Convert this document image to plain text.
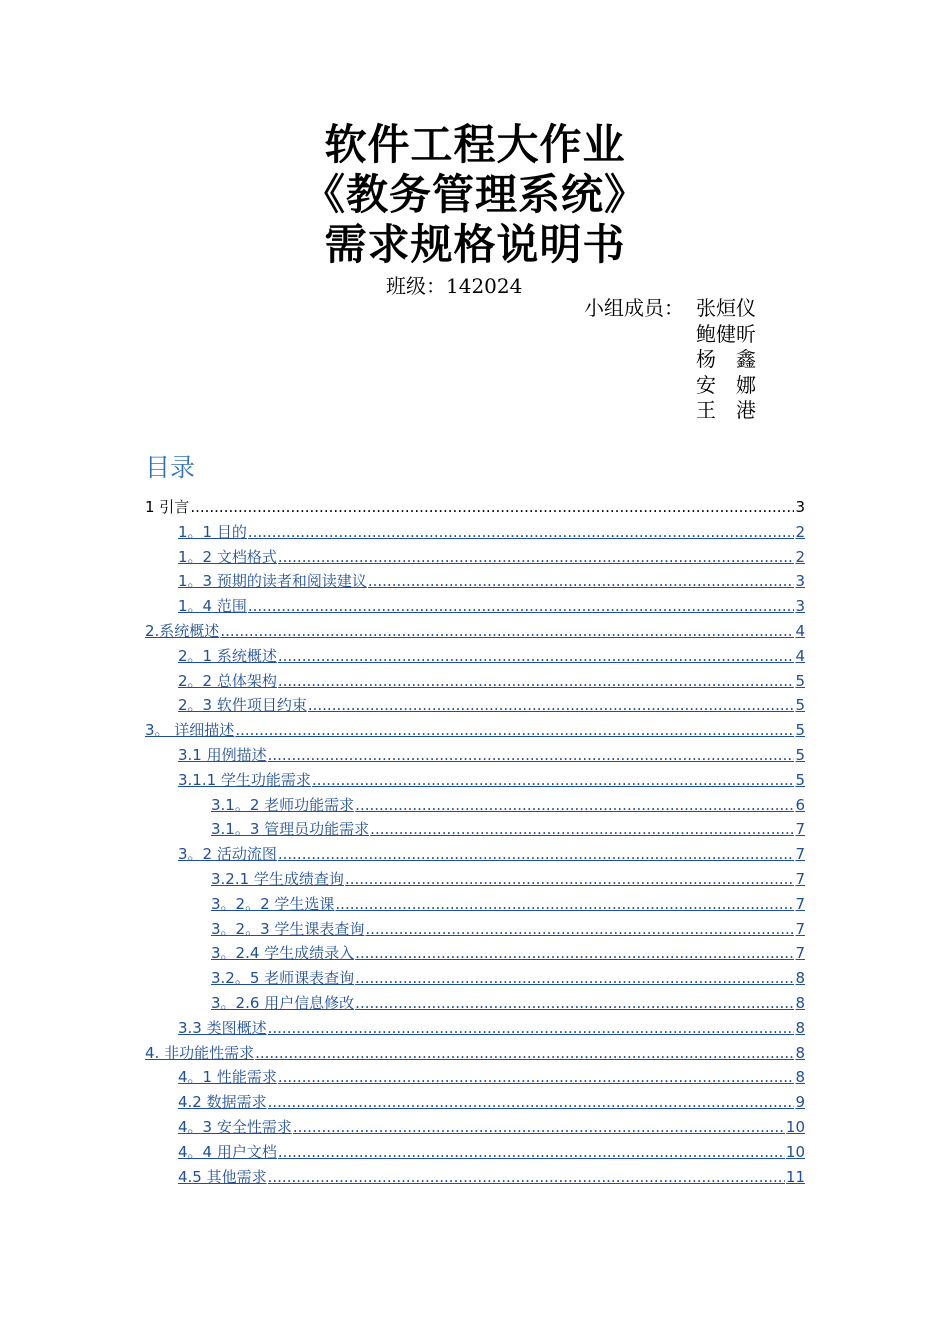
软件工程大作业

《教务管理系统》

需求规格说明书

班级：142024
小组成员： 张烜仪
鲍健昕
杨　鑫
安　娜
王　港
目录
1 引言 .....	3
1。1 目的 .....	2
1。2 文档格式 .....	2
1。3 预期的读者和阅读建议 .....	3
1。4 范围 .....	3
2.系统概述 .....	4
2。1 系统概述 .....	4
2。2 总体架构 .....	5
2。3 软件项目约束 .....	5
3。 详细描述 .....	5
3.1 用例描述 .....	5
3.1.1 学生功能需求 .....	5
3.1。2 老师功能需求 .....	6
3.1。3 管理员功能需求 .....	7
3。2 活动流图 .....	7
3.2.1 学生成绩查询 .....	7
3。2。2 学生选课 .....	7
3。2。3 学生课表查询 .....	7
3。2.4 学生成绩录入 .....	7
3.2。5 老师课表查询 .....	8
3。2.6 用户信息修改 .....	8
3.3 类图概述 .....	8
4. 非功能性需求 .....	8
4。1 性能需求 .....	8
4.2 数据需求 .....	9
4。3 安全性需求 .....	10
4。4 用户文档 .....	10
4.5 其他需求 .....	11
